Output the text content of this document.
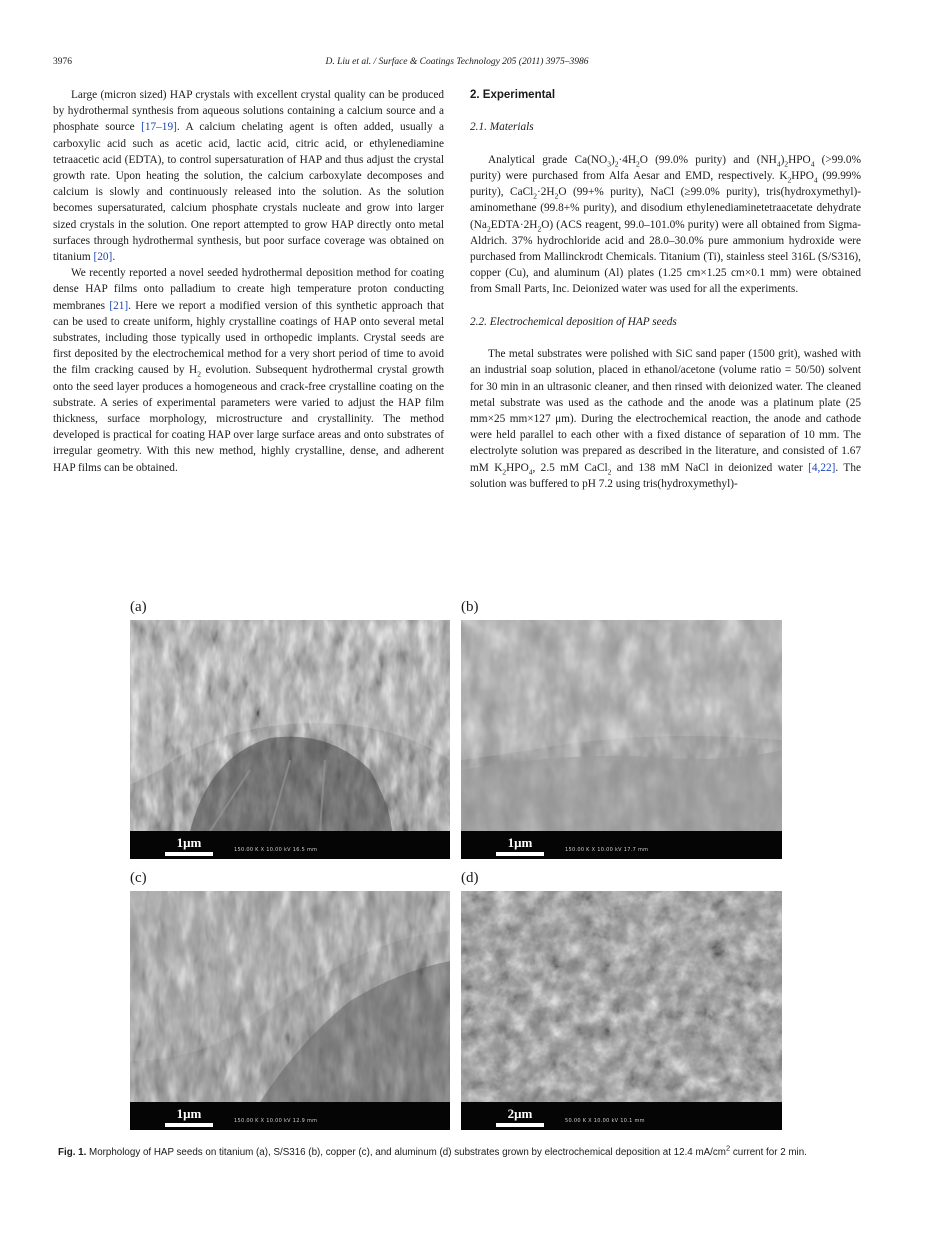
3976	D. Liu et al. / Surface & Coatings Technology 205 (2011) 3975–3986

Large (micron sized) HAP crystals with excellent crystal quality can be produced by hydrothermal synthesis from aqueous solutions containing a calcium source and a phosphate source [17–19]. A calcium chelating agent is often added, usually a carboxylic acid such as acetic acid, lactic acid, citric acid, or ethylenediamine tetraacetic acid (EDTA), to control supersaturation of HAP and thus adjust the crystal growth rate. Upon heating the solution, the calcium carboxylate decomposes and calcium is slowly and continuously released into the solution. As the solution becomes supersaturated, calcium phosphate crystals nucleate and grow into larger sized crystals in the solution. One report attempted to grow HAP directly onto metal surfaces through hydrothermal synthesis, but poor surface coverage was obtained on titanium [20].

We recently reported a novel seeded hydrothermal deposition method for coating dense HAP films onto palladium to create high temperature proton conducting membranes [21]. Here we report a modified version of this synthetic approach that can be used to create uniform, highly crystalline coatings of HAP onto several metal substrates, including those typically used in orthopedic implants. Crystal seeds are first deposited by the electrochemical method for a very short period of time to avoid the film cracking caused by $H_2$ evolution. Subsequent hydrothermal crystal growth onto the seed layer produces a homogeneous and crack-free crystalline coating on the substrate. A series of experimental parameters were varied to adjust the HAP film thickness, surface morphology, microstructure and crystallinity. The method developed is practical for coating HAP over large surface areas and onto substrates of irregular geometry. With this new method, highly crystalline, dense, and adherent HAP films can be obtained.

2. Experimental
2.1. Materials

Analytical grade $Ca(NO_3)_2\cdot 4H_2O$ (99.0% purity) and $(NH_4)_2HPO_4$ (>99.0% purity) were purchased from Alfa Aesar and EMD, respectively. $K_2HPO_4$ (99.99% purity), $CaCl_2\cdot 2H_2O$ (99+% purity), NaCl (≥99.0% purity), tris(hydroxymethyl)-aminomethane (99.8+% purity), and disodium ethylenediaminetetraacetate dehydrate $(Na_2EDTA\cdot 2H_2O)$ (ACS reagent, 99.0–101.0% purity) were all obtained from Sigma-Aldrich. 37% hydrochloride acid and 28.0–30.0% pure ammonium hydroxide were purchased from Mallinckrodt Chemicals. Titanium (Ti), stainless steel 316L (S/S316), copper (Cu), and aluminum (Al) plates (1.25 cm×1.25 cm×0.1 mm) were obtained from Small Parts, Inc. Deionized water was used for all the experiments.

2.2. Electrochemical deposition of HAP seeds

The metal substrates were polished with SiC sand paper (1500 grit), washed with an industrial soap solution, placed in ethanol/acetone (volume ratio = 50/50) solvent for 30 min in an ultrasonic cleaner, and then rinsed with deionized water. The cleaned metal substrate was used as the cathode and the anode was a platinum plate (25 mm×25 mm×127 μm). During the electrochemical reaction, the anode and cathode were held parallel to each other with a fixed distance of separation of 10 mm. The electrolyte solution was prepared as described in the literature, and consisted of 1.67 mM $K_2HPO_4$, 2.5 mM CaCl$_2$ and 138 mM NaCl in deionized water [4,22]. The solution was buffered to pH 7.2 using tris(hydroxymethyl)-

(a)
1μm	150.00 K X 10.00 kV 16.5 mm
(b)
1μm	150.00 K X 10.00 kV 17.7 mm
(c)
1μm	150.00 K X 10.00 kV 12.9 mm
(d)
2μm	50.00 K X 10.00 kV 10.1 mm
Fig. 1. Morphology of HAP seeds on titanium (a), S/S316 (b), copper (c), and aluminum (d) substrates grown by electrochemical deposition at 12.4 $mA/cm^2$ current for 2 min.
